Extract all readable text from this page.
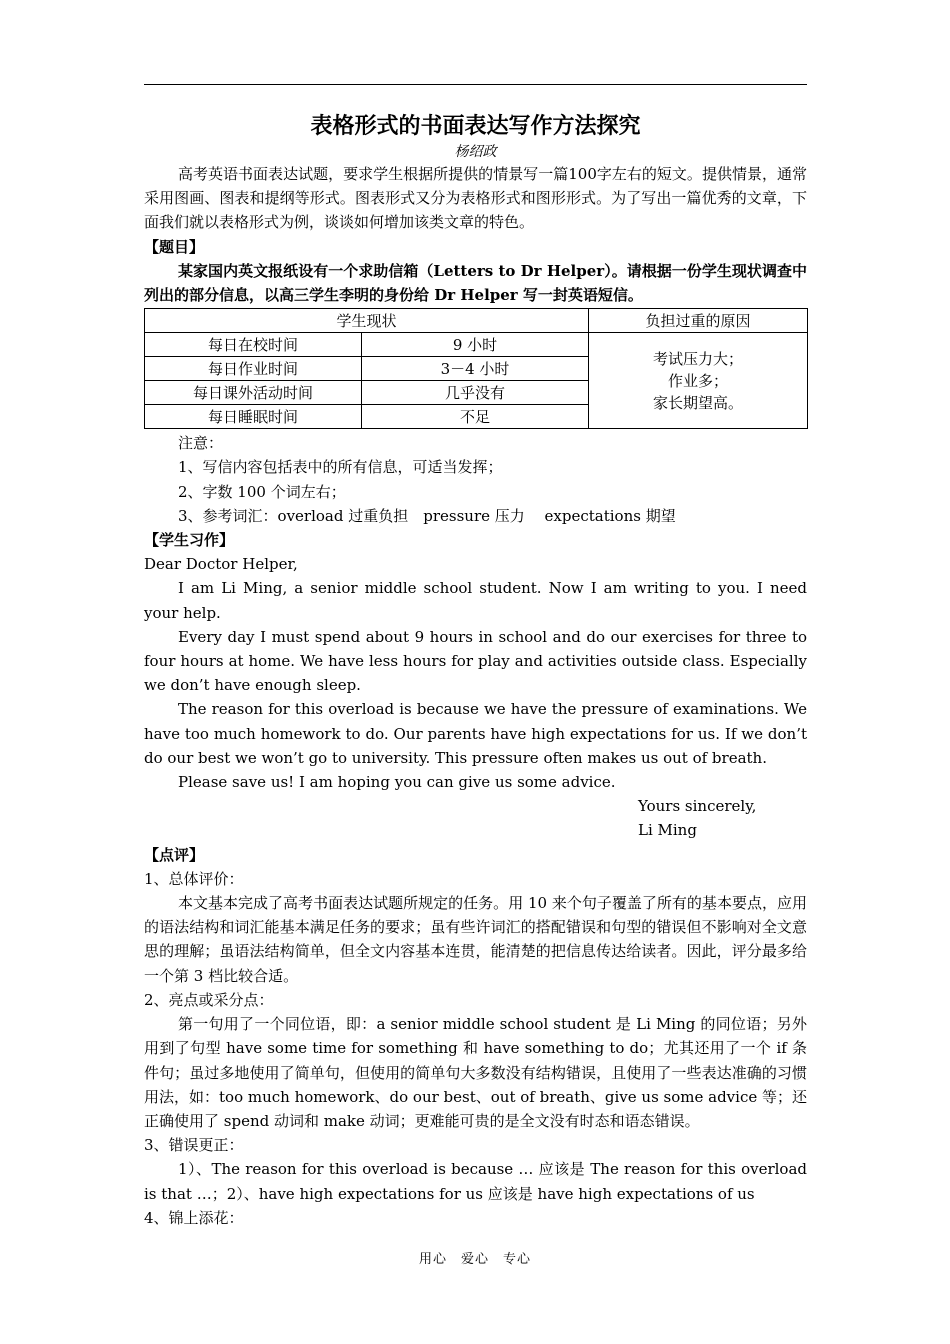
表格形式的书面表达写作方法探究
杨绍政

高考英语书面表达试题，要求学生根据所提供的情景写一篇100字左右的短文。提供情景，通常采用图画、图表和提纲等形式。图表形式又分为表格形式和图形形式。为了写出一篇优秀的文章，下面我们就以表格形式为例，谈谈如何增加该类文章的特色。

【题目】

某家国内英文报纸设有一个求助信箱（Letters to Dr Helper）。请根据一份学生现状调查中列出的部分信息，以高三学生李明的身份给 Dr Helper 写一封英语短信。

学生现状		负担过重的原因
每日在校时间	9 小时	考试压力大；
作业多；
家长期望高。

每日作业时间	3－4 小时	
每日课外活动时间	几乎没有	
每日睡眠时间	不足	

注意：

1、写信内容包括表中的所有信息，可适当发挥；

2、字数 100 个词左右；

3、参考词汇：overload 过重负担　pressure 压力　 expectations 期望

【学生习作】

Dear Doctor Helper,

I am Li Ming, a senior middle school student. Now I am writing to you. I need your help.

Every day I must spend about 9 hours in school and do our exercises for three to four hours at home. We have less hours for play and activities outside class. Especially we don’t have enough sleep.

The reason for this overload is because we have the pressure of examinations. We have too much homework to do. Our parents have high expectations for us. If we don’t do our best we won’t go to university. This pressure often makes us out of breath.

Please save us! I am hoping you can give us some advice.

Yours sincerely,

Li Ming

【点评】

1、总体评价：

本文基本完成了高考书面表达试题所规定的任务。用 10 来个句子覆盖了所有的基本要点，应用的语法结构和词汇能基本满足任务的要求；虽有些许词汇的搭配错误和句型的错误但不影响对全文意思的理解；虽语法结构简单，但全文内容基本连贯，能清楚的把信息传达给读者。因此，评分最多给一个第 3 档比较合适。

2、亮点或采分点：

第一句用了一个同位语，即：a senior middle school student 是 Li Ming 的同位语；另外用到了句型 have some time for something 和 have something to do；尤其还用了一个 if 条件句；虽过多地使用了简单句，但使用的简单句大多数没有结构错误，且使用了一些表达准确的习惯用法，如：too much homework、do our best、out of breath、give us some advice 等；还正确使用了 spend 动词和 make 动词；更难能可贵的是全文没有时态和语态错误。

3、错误更正：

1）、The reason for this overload is because … 应该是 The reason for this overload is that …；2）、have high expectations for us 应该是 have high expectations of us

4、锦上添花：

用心　爱心　专心
